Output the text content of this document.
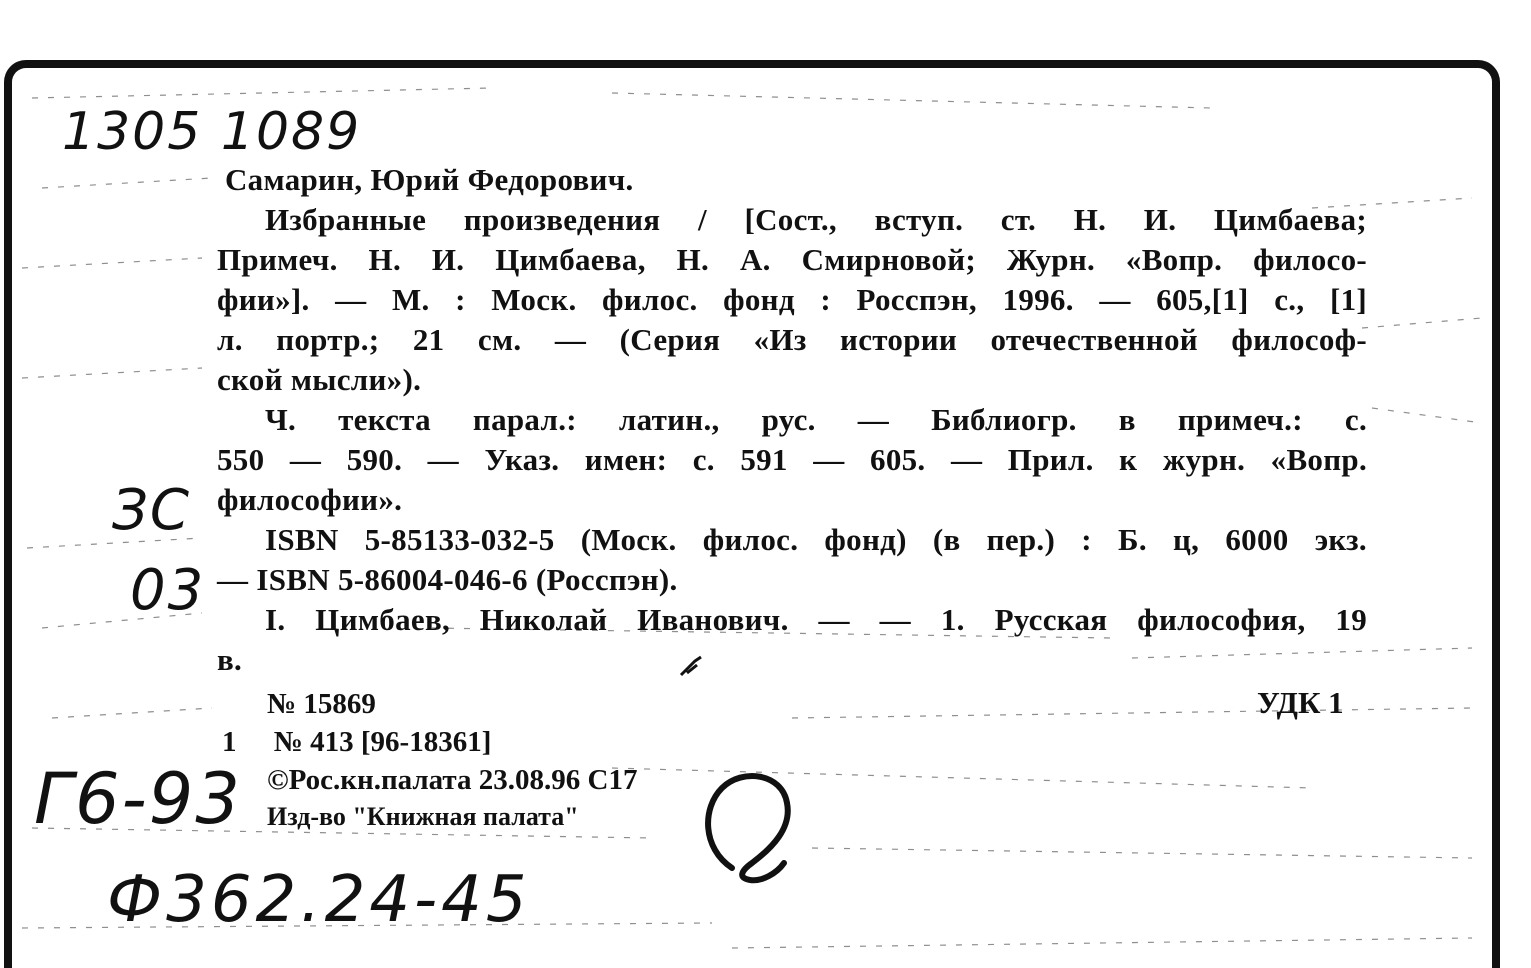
1305 1089
ЗС
03
Г6-93
Ф362.24-45
Самарин, Юрий Федорович.
Избранные произведения / [Сост., вступ. ст. Н. И. Цимбаева;
Примеч. Н. И. Цимбаева, Н. А. Смирновой; Журн. «Вопр. филосо-
фии»]. — М. : Моск. филос. фонд : Росспэн, 1996. — 605,[1] с., [1]
л. портр.; 21 см. — (Серия «Из истории отечественной философ-
ской мысли»).
Ч. текста парал.: латин., рус. — Библиогр. в примеч.: с.
550 — 590. — Указ. имен: с. 591 — 605. — Прил. к журн. «Вопр.
философии».
ISBN 5-85133-032-5 (Моск. филос. фонд) (в пер.) : Б. ц, 6000 экз.
— ISBN 5-86004-046-6 (Росспэн).
I. Цимбаев, Николай Иванович. — — 1. Русская философия, 19
в.
№ 15869
1 № 413 [96-18361]
©Рос.кн.палата 23.08.96 С17
Изд-во "Книжная палата"
УДК 1
